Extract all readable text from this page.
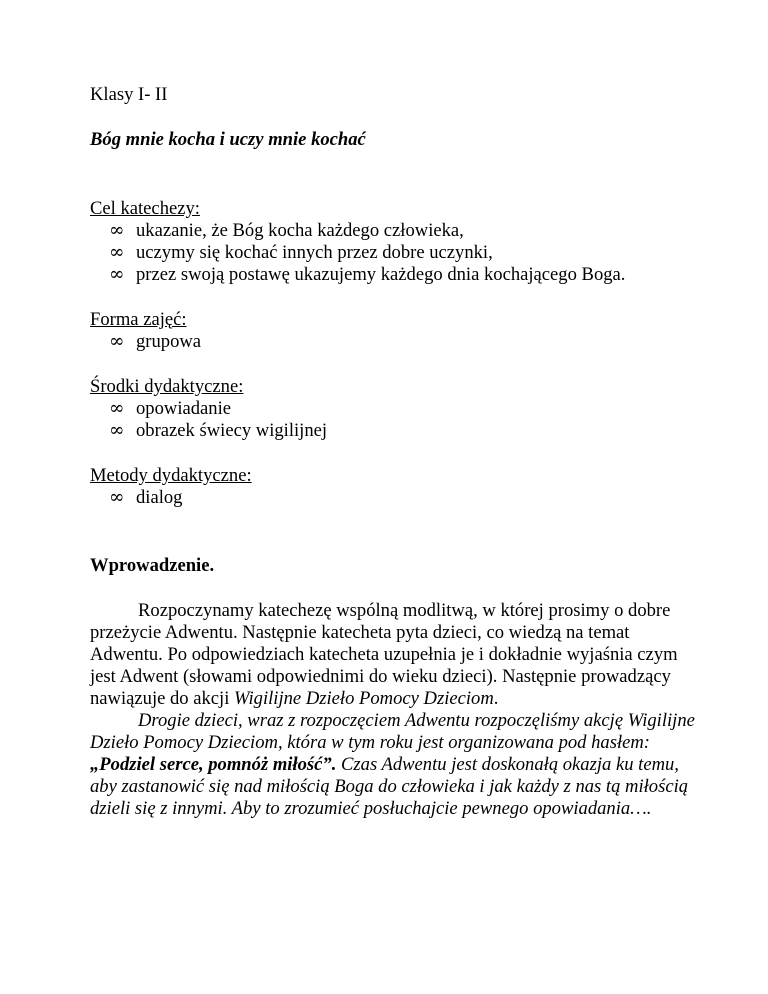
Klasy I- II

Bóg mnie kocha i uczy mnie kochać

Cel katechezy:

∞ ukazanie, że Bóg kocha każdego człowieka,
∞ uczymy się kochać innych przez dobre uczynki,
∞ przez swoją postawę ukazujemy każdego dnia kochającego Boga.

Forma zajęć:

∞ grupowa

Środki dydaktyczne:

∞ opowiadanie
∞ obrazek świecy wigilijnej

Metody dydaktyczne:

∞ dialog

Wprowadzenie.

Rozpoczynamy katechezę wspólną modlitwą, w której prosimy o dobre przeżycie Adwentu. Następnie katecheta pyta dzieci, co wiedzą na temat Adwentu. Po odpowiedziach katecheta uzupełnia je i dokładnie wyjaśnia czym jest Adwent (słowami odpowiednimi do wieku dzieci). Następnie prowadzący nawiązuje do akcji Wigilijne Dzieło Pomocy Dzieciom.

Drogie dzieci, wraz z rozpoczęciem Adwentu rozpoczęliśmy akcję Wigilijne Dzieło Pomocy Dzieciom, która w tym roku jest organizowana pod hasłem: „Podziel serce, pomnóż miłość”. Czas Adwentu jest doskonałą okazja ku temu, aby zastanowić się nad miłością Boga do człowieka i jak każdy z nas tą miłością dzieli się z innymi. Aby to zrozumieć posłuchajcie pewnego opowiadania….
